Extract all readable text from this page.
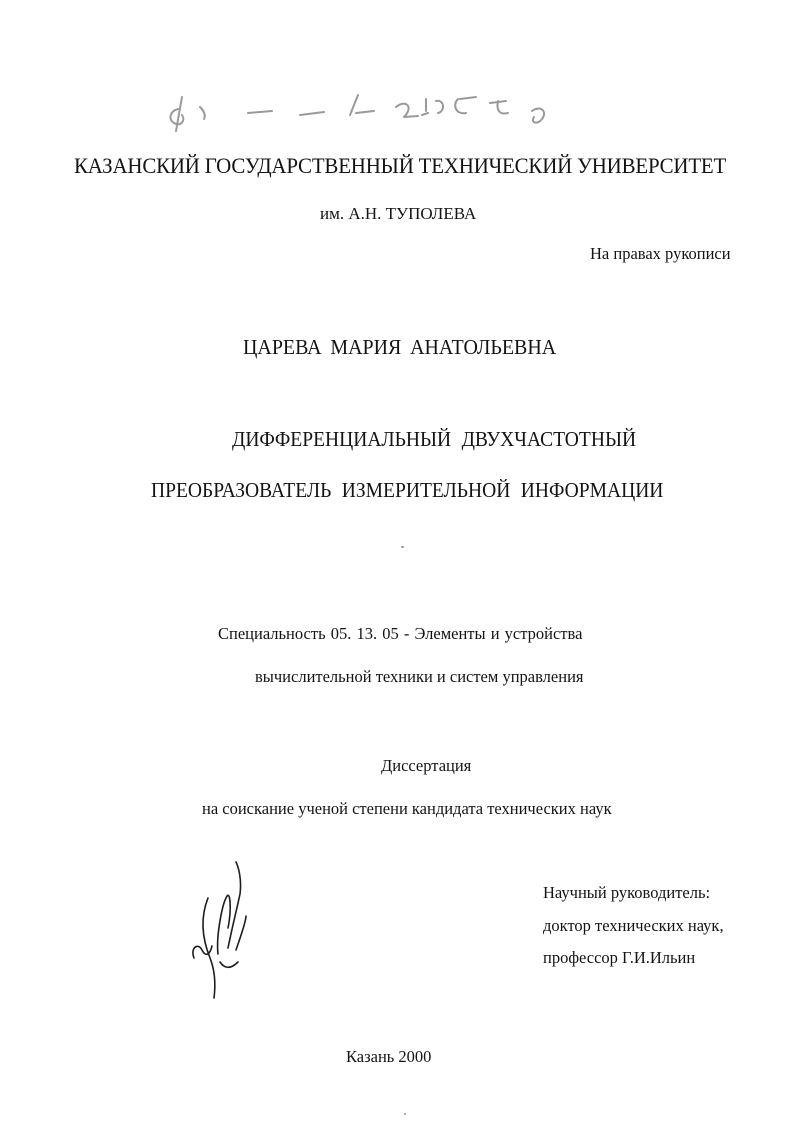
Б1-2/Г 2/05-3
КАЗАНСКИЙ ГОСУДАРСТВЕННЫЙ ТЕХНИЧЕСКИЙ УНИВЕРСИТЕТ
им. А.Н. ТУПОЛЕВА
На правах рукописи
ЦАРЕВА МАРИЯ АНАТОЛЬЕВНА
ДИФФЕРЕНЦИАЛЬНЫЙ ДВУХЧАСТОТНЫЙ
ПРЕОБРАЗОВАТЕЛЬ ИЗМЕРИТЕЛЬНОЙ ИНФОРМАЦИИ
Специальность 05. 13. 05 - Элементы и устройства
вычислительной техники и систем управления
Диссертация
на соискание ученой степени кандидата технических наук
Научный руководитель:
доктор технических наук,
профессор Г.И.Ильин
Казань 2000
